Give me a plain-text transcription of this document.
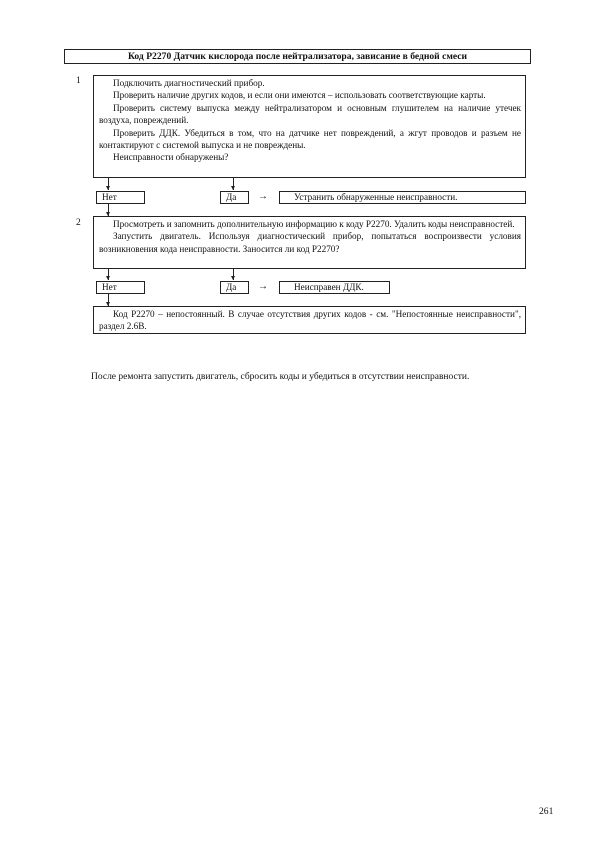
Код P2270 Датчик кислорода после нейтрализатора, зависание в бедной смеси
1	Подключить диагностический прибор.

Проверить наличие других кодов, и если они имеются – использовать соответствующие карты.

Проверить систему выпуска между нейтрализатором и основным глушителем на наличие утечек воздуха, повреждений.

Проверить ДДК. Убедиться в том, что на датчике нет повреждений, а жгут проводов и разъем не контактируют с системой выпуска и не повреждены.

Неисправности обнаружены?

Нет	Да	→	Устранить обнаруженные неисправности.
2	Просмотреть и запомнить дополнительную информацию к коду P2270. Удалить коды неисправностей.

Запустить двигатель. Используя диагностический прибор, попытаться воспроизвести условия возникновения кода неисправности. Заносится ли код P2270?

Нет	Да	→	Неисправен ДДК.

Код P2270 – непостоянный. В случае отсутствия других кодов - см. "Непостоянные неисправности", раздел 2.6В.

После ремонта запустить двигатель, сбросить коды и убедиться в отсутствии неисправности.
261
